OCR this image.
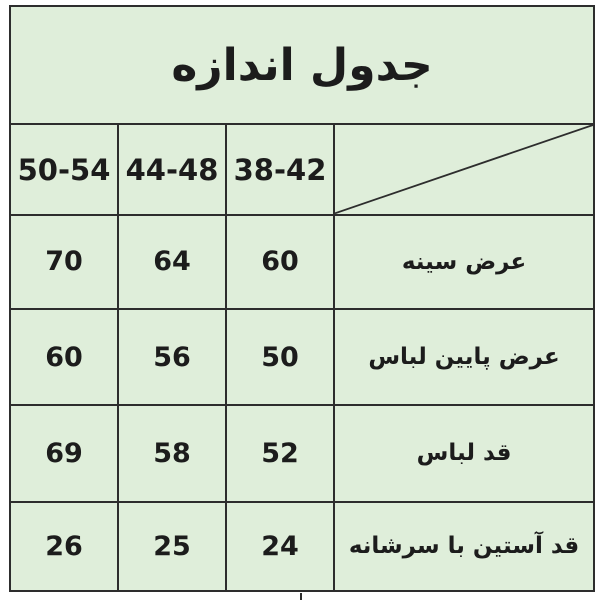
جدول اندازه			
50-54	44-48	38-42	

70	64	60	عرض سینه
60	56	50	عرض پایین لباس
69	58	52	قد لباس
26	25	24	قد آستین با سرشانه
